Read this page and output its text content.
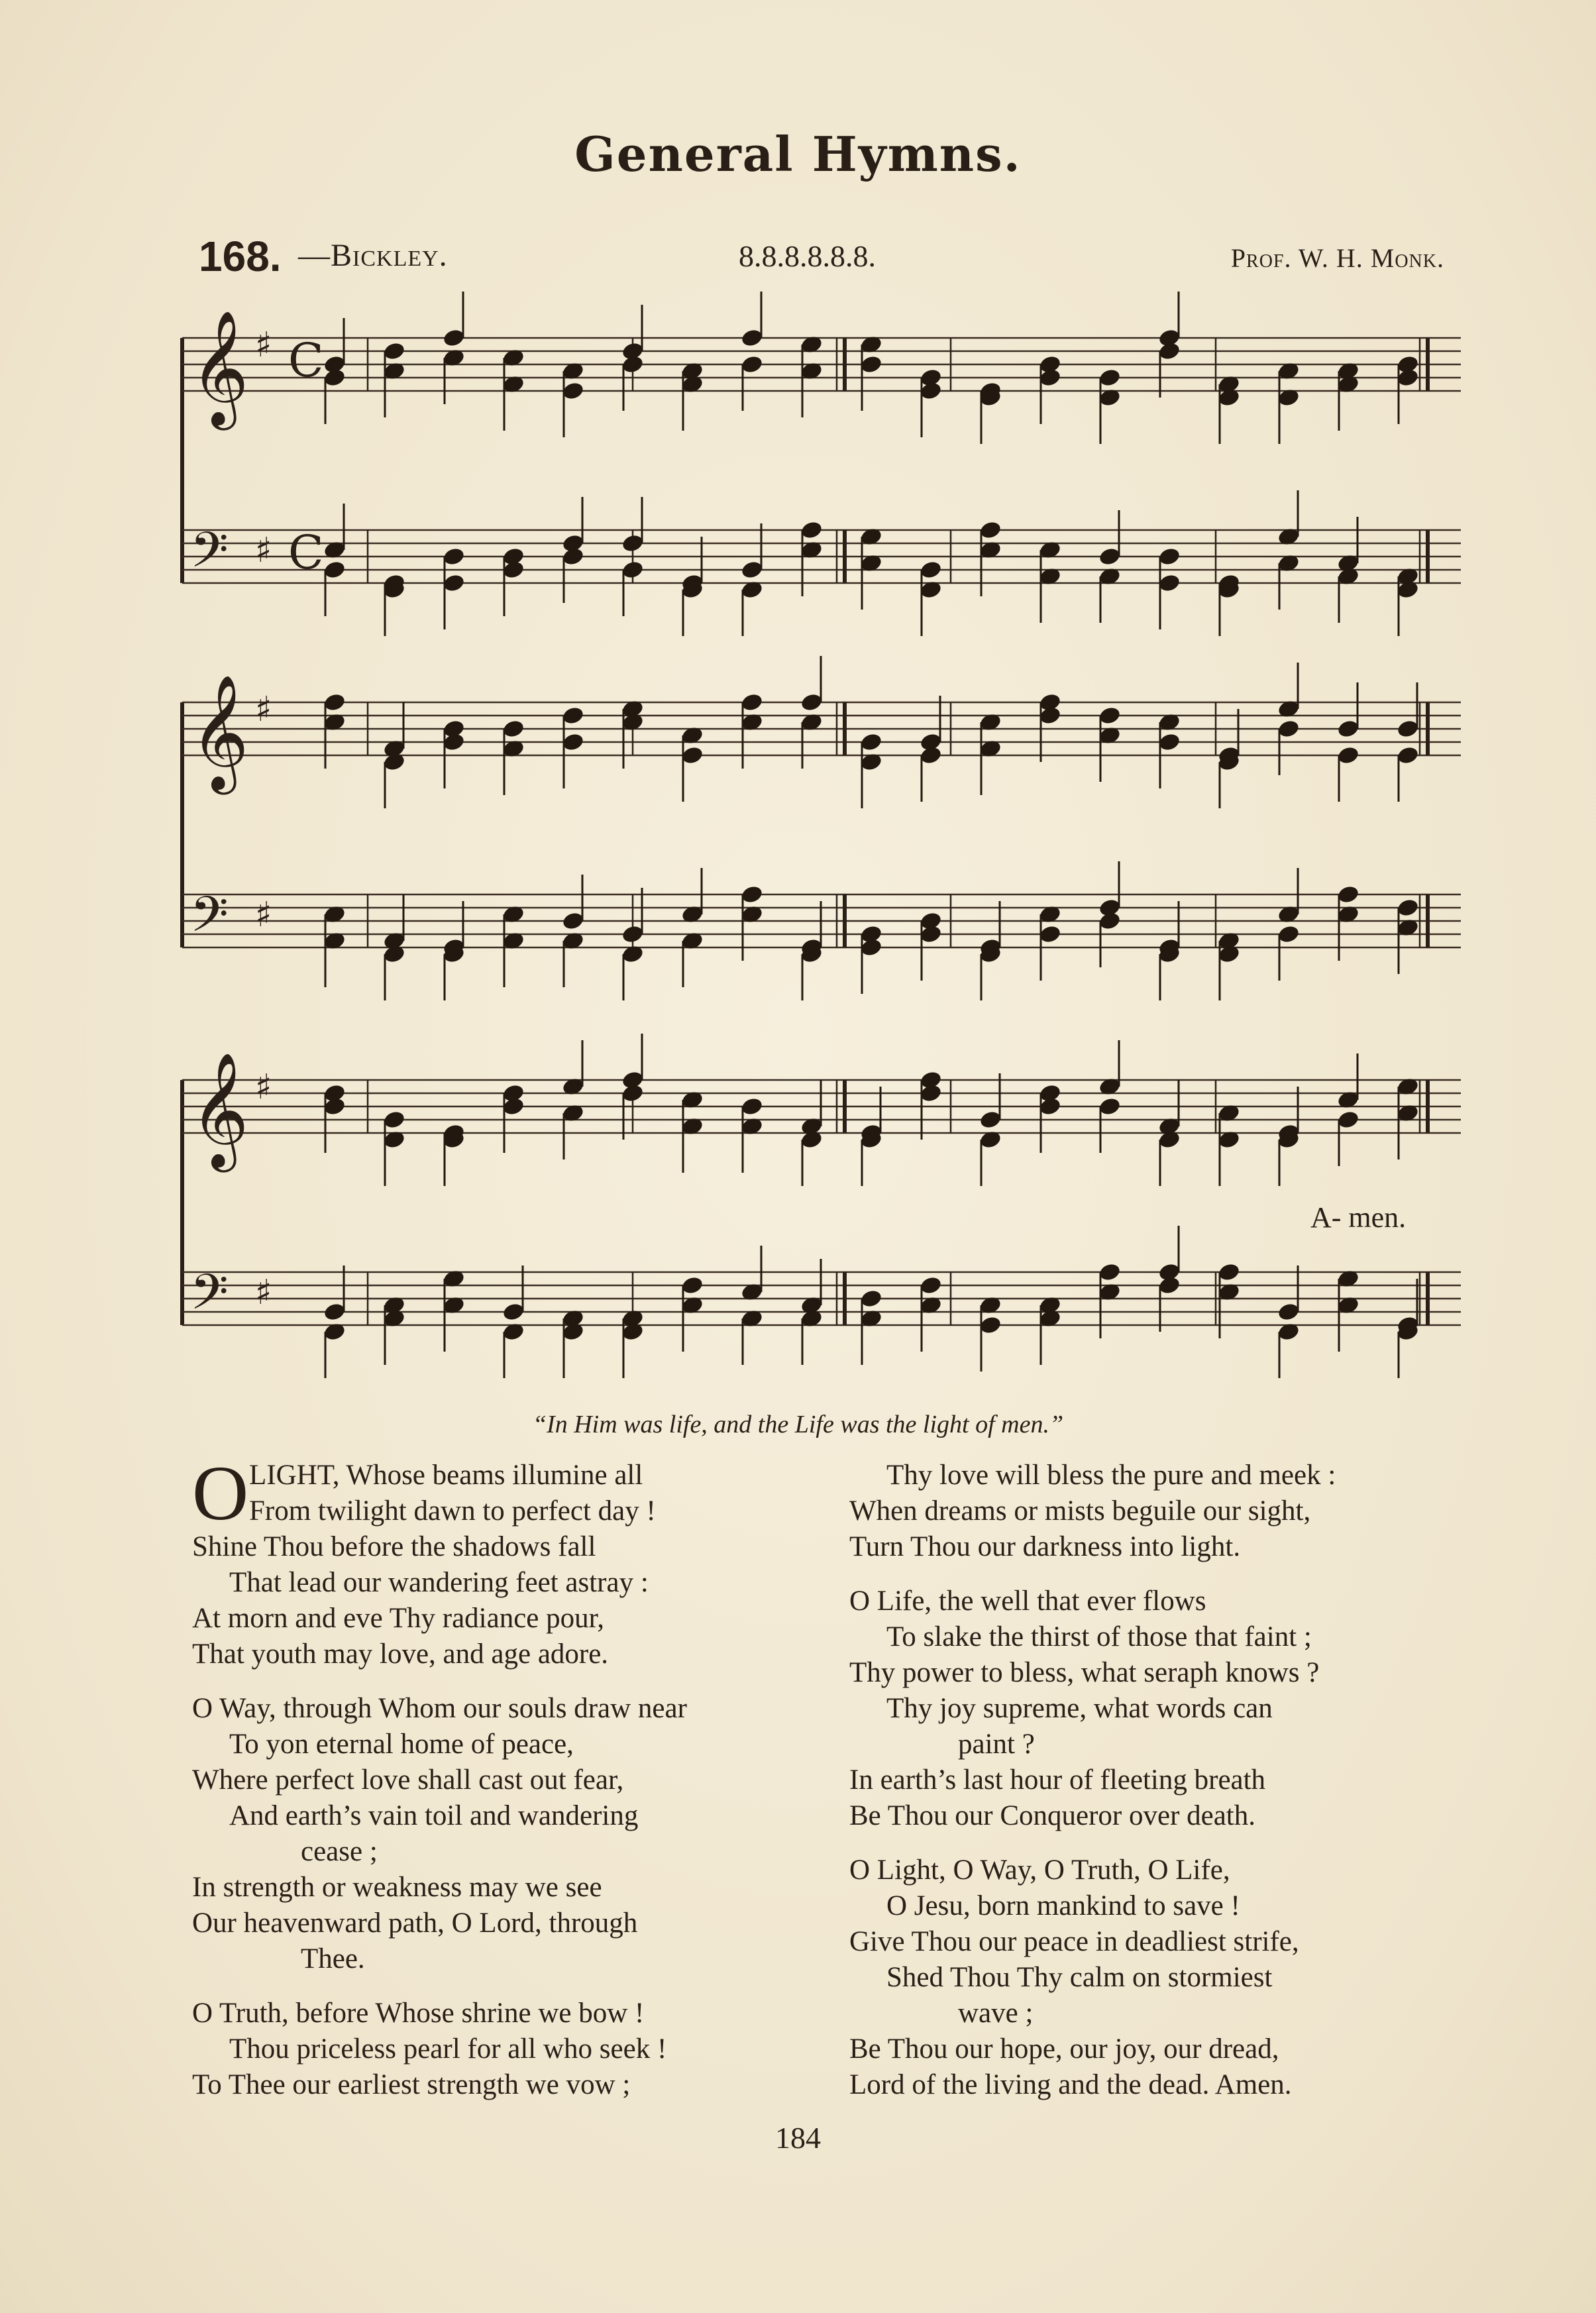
General Hymns.
168. —Bickley.	8.8.8.8.8.8.	Prof. W. H. Monk.
𝄞 ♯ C
𝄢 ♯ C
𝄞 ♯
𝄢 ♯
𝄞 ♯
𝄢 ♯
A- men.
“In Him was life, and the Life was the light of men.”
O LIGHT, Whose beams illumine all
From twilight dawn to perfect day !
Shine Thou before the shadows fall
That lead our wandering feet astray :
At morn and eve Thy radiance pour,
That youth may love, and age adore.
O Way, through Whom our souls draw near
To yon eternal home of peace,
Where perfect love shall cast out fear,
And earth’s vain toil and wandering
cease ;
In strength or weakness may we see
Our heavenward path, O Lord, through
Thee.
O Truth, before Whose shrine we bow !
Thou priceless pearl for all who seek !
To Thee our earliest strength we vow ;
Thy love will bless the pure and meek :
When dreams or mists beguile our sight,
Turn Thou our darkness into light.
O Life, the well that ever flows
To slake the thirst of those that faint ;
Thy power to bless, what seraph knows ?
Thy joy supreme, what words can
paint ?
In earth’s last hour of fleeting breath
Be Thou our Conqueror over death.
O Light, O Way, O Truth, O Life,
O Jesu, born mankind to save !
Give Thou our peace in deadliest strife,
Shed Thou Thy calm on stormiest
wave ;
Be Thou our hope, our joy, our dread,
Lord of the living and the dead. Amen.
184
